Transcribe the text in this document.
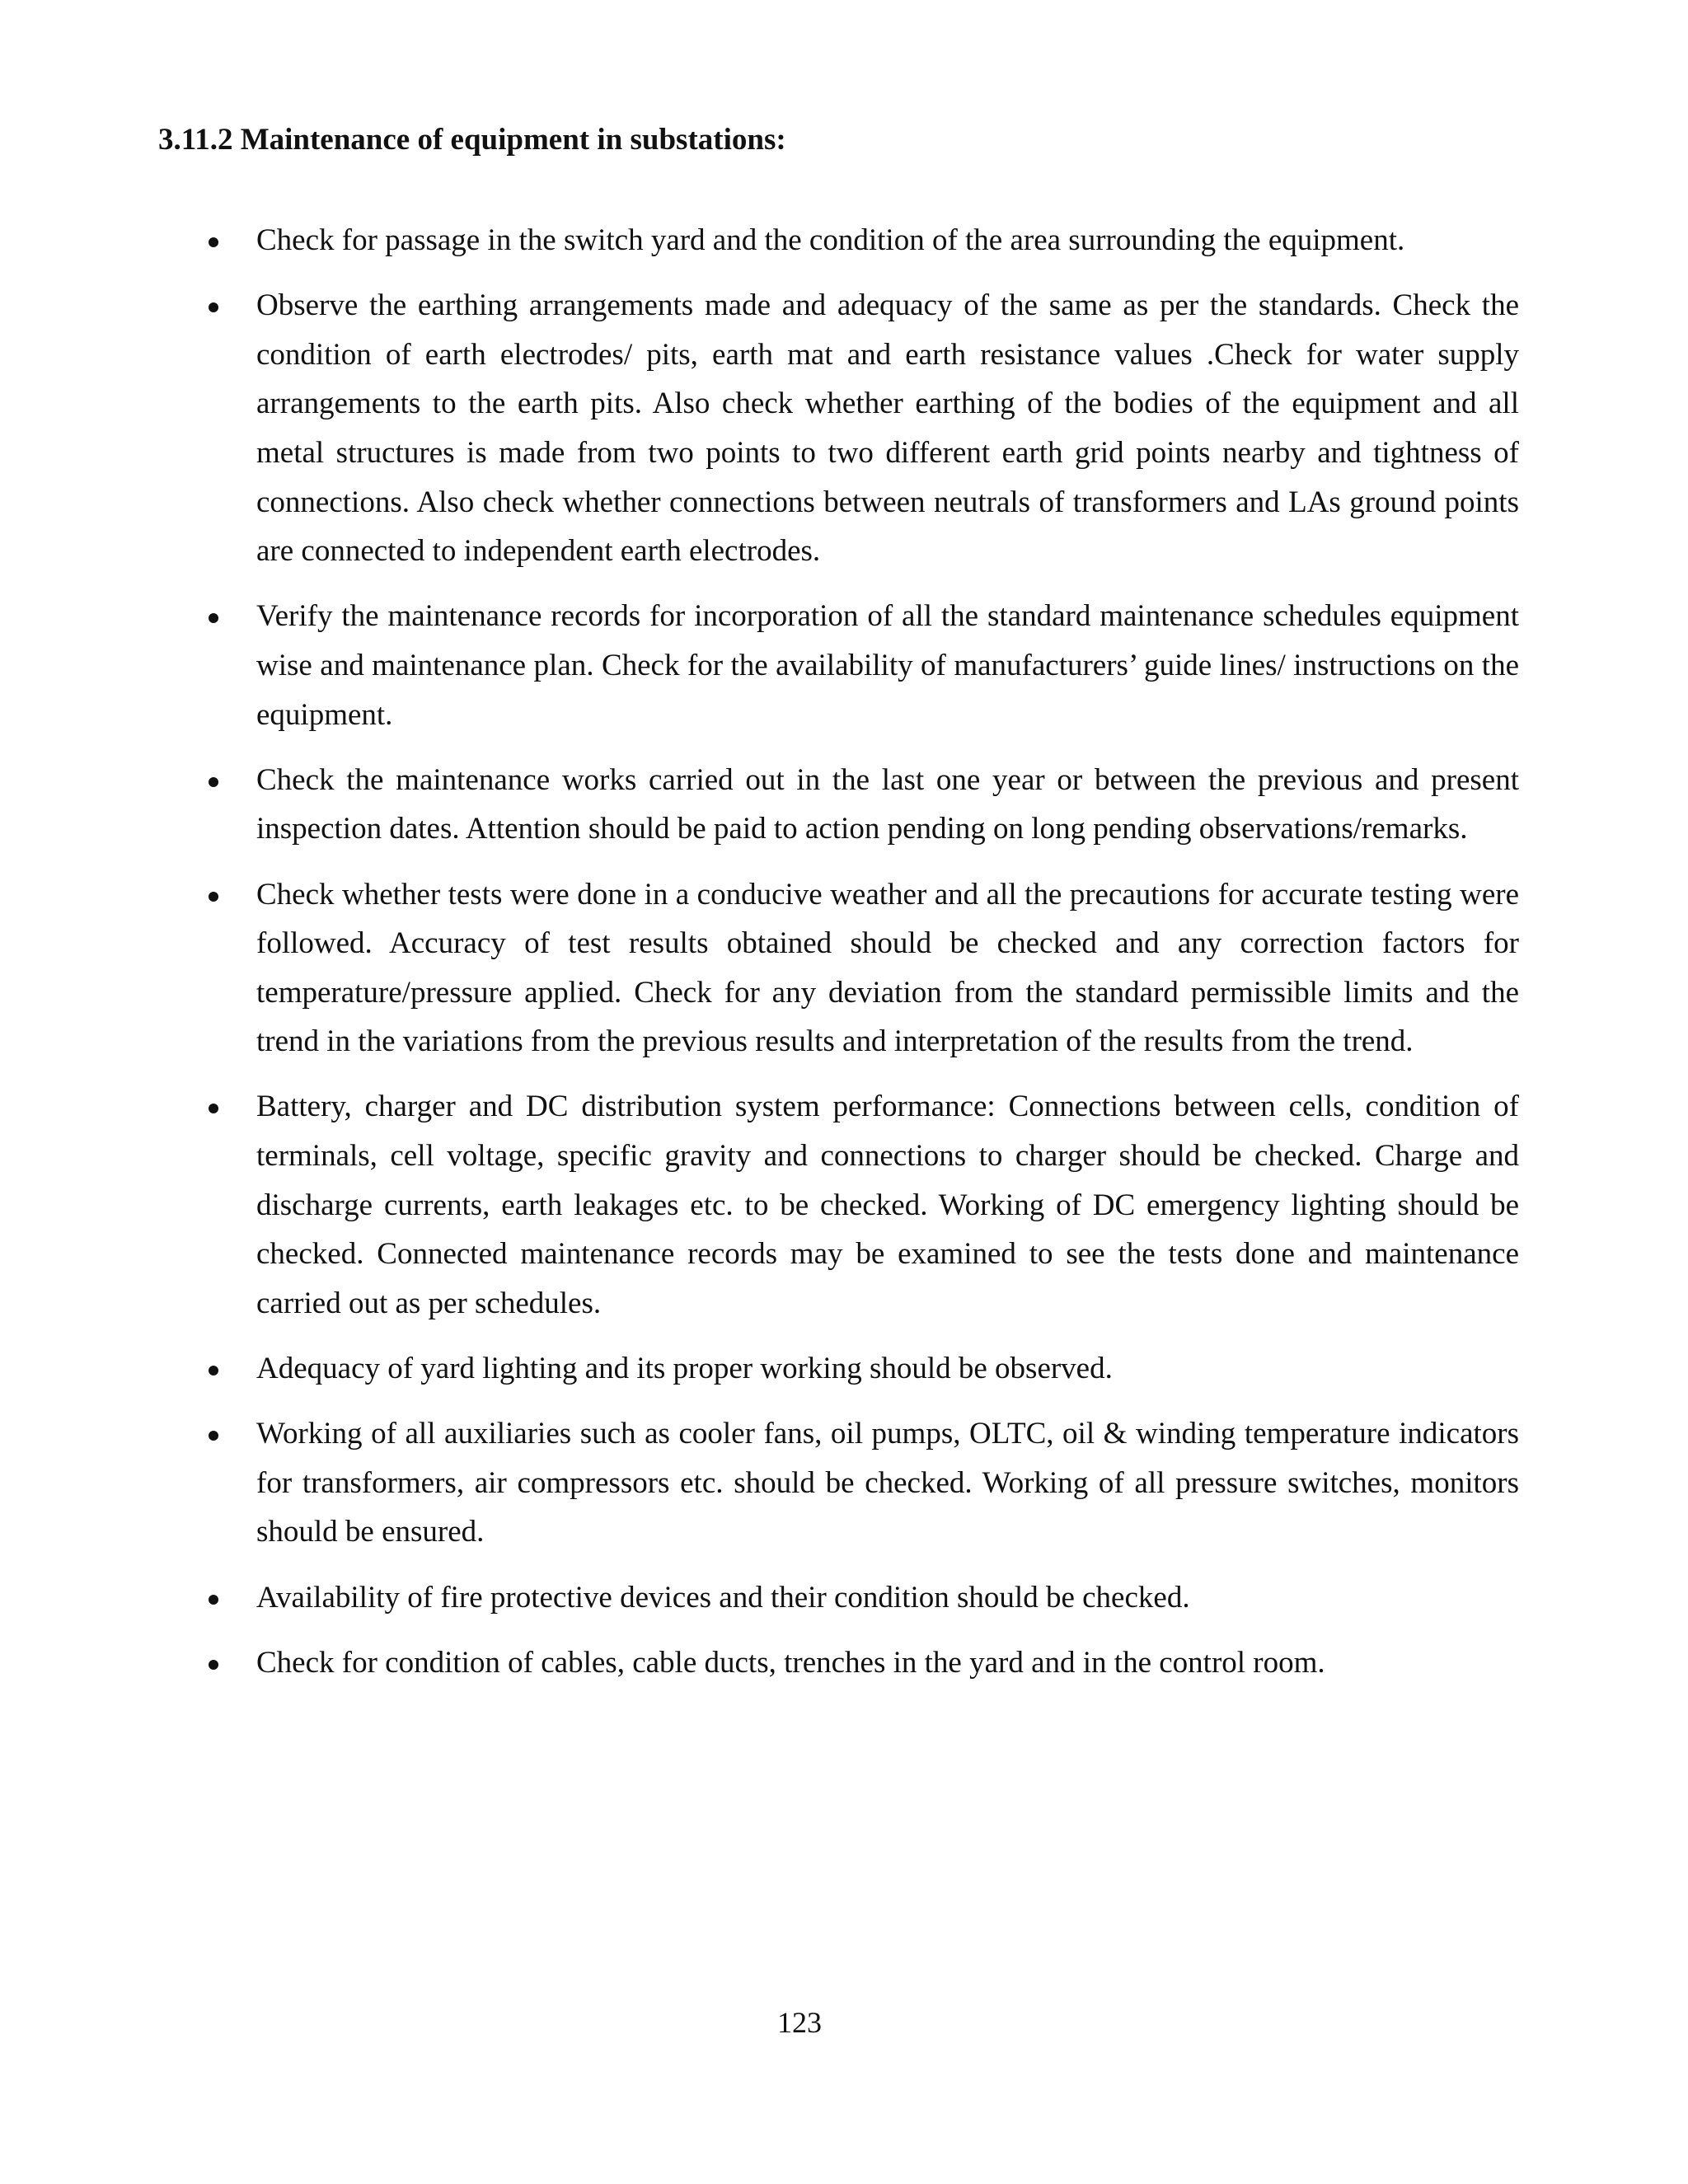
3.11.2 Maintenance of equipment in substations:
Check for passage in the switch yard and the condition of the area surrounding the equipment.
Observe the earthing arrangements made and adequacy of the same as per the standards. Check the condition of earth electrodes/ pits, earth mat and earth resistance values .Check for water supply arrangements to the earth pits. Also check whether earthing of the bodies of the equipment and all metal structures is made from two points to two different earth grid points nearby and tightness of connections. Also check whether connections between neutrals of transformers and LAs ground points are connected to independent earth electrodes.
Verify the maintenance records for incorporation of all the standard maintenance schedules equipment wise and maintenance plan. Check for the availability of manufacturers’ guide lines/ instructions on the equipment.
Check the maintenance works carried out in the last one year or between the previous and present inspection dates. Attention should be paid to action pending on long pending observations/remarks.
Check whether tests were done in a conducive weather and all the precautions for accurate testing were followed. Accuracy of test results obtained should be checked and any correction factors for temperature/pressure applied. Check for any deviation from the standard permissible limits and the trend in the variations from the previous results and interpretation of the results from the trend.
Battery, charger and DC distribution system performance: Connections between cells, condition of terminals, cell voltage, specific gravity and connections to charger should be checked. Charge and discharge currents, earth leakages etc. to be checked. Working of DC emergency lighting should be checked. Connected maintenance records may be examined to see the tests done and maintenance carried out as per schedules.
Adequacy of yard lighting and its proper working should be observed.
Working of all auxiliaries such as cooler fans, oil pumps, OLTC, oil & winding temperature indicators for transformers, air compressors etc. should be checked. Working of all pressure switches, monitors should be ensured.
Availability of fire protective devices and their condition should be checked.
Check for condition of cables, cable ducts, trenches in the yard and in the control room.

123
